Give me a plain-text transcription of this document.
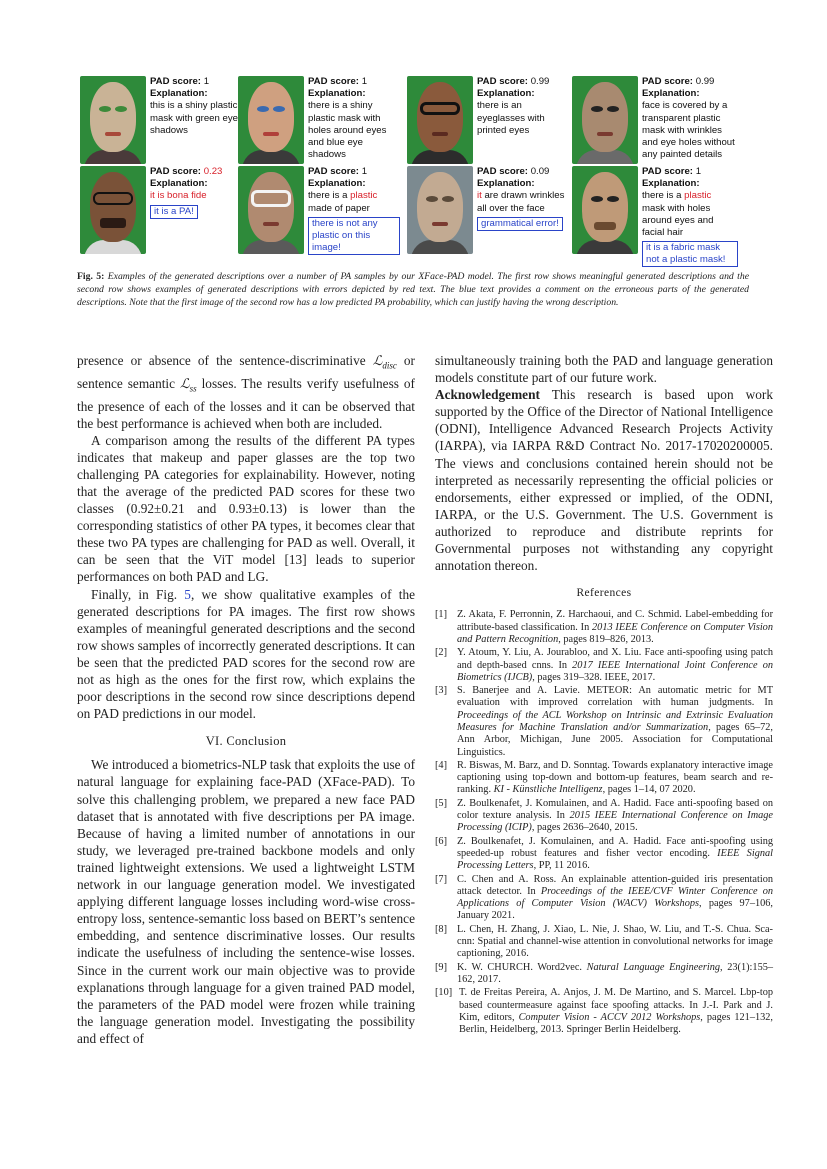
PAD score: 1
Explanation:
this is a shiny plastic mask with green eye shadows
PAD score: 1
Explanation:
there is a shiny plastic mask with holes around eyes and blue eye shadows
PAD score: 0.99
Explanation:
there is an eyeglasses with printed eyes
PAD score: 0.99
Explanation:
face is covered by a transparent plastic mask with wrinkles and eye holes without any painted details
PAD score: 0.23
Explanation:
it is bona fide
it is a PA!
PAD score: 1
Explanation:
there is a plastic made of paper
there is not any plastic on this image!
PAD score: 0.09
Explanation:
it are drawn wrinkles all over the face
grammatical error!
PAD score: 1
Explanation:
there is a plastic mask with holes around eyes and facial hair
it is a fabric mask not a plastic mask!
Fig. 5: Examples of the generated descriptions over a number of PA samples by our XFace-PAD model. The first row shows meaningful generated descriptions and the second row shows examples of generated descriptions with errors depicted by red text. The blue text provides a comment on the erroneous parts of the generated descriptions. Note that the first image of the second row has a low predicted PA probability, which can justify having the wrong description.

presence or absence of the sentence-discriminative ℒ$_{disc}$ or sentence semantic ℒ$_{ss}$ losses. The results verify usefulness of the presence of each of the losses and it can be observed that the best performance is achieved when both are included.

A comparison among the results of the different PA types indicates that makeup and paper glasses are the top two challenging PA categories for explainability. However, noting that the average of the predicted PAD scores for these two classes (0.92±0.21 and 0.93±0.13) is lower than the corresponding statistics of other PA types, it becomes clear that these two PA types are challenging for PAD as well. Overall, it can be seen that the ViT model [13] leads to superior performances on both PAD and LG.

Finally, in Fig. 5, we show qualitative examples of the generated descriptions for PA images. The first row shows examples of meaningful generated descriptions and the second row shows samples of incorrectly generated descriptions. It can be seen that the predicted PAD scores for the second row are not as high as the ones for the first row, which explains the poor descriptions in the second row since descriptions depend on PAD predictions in our model.

VI. Conclusion

We introduced a biometrics-NLP task that exploits the use of natural language for explaining face-PAD (XFace-PAD). To solve this challenging problem, we prepared a new face PAD dataset that is annotated with five descriptions per PA image. Because of having a limited number of annotations in our study, we leveraged pre-trained backbone models and only trained lightweight extensions. We used a lightweight LSTM network in our language generation model. We investigated applying different language losses including word-wise cross-entropy loss, sentence-semantic loss based on BERT’s sentence embedding, and sentence discriminative losses. Our results indicate the usefulness of including the sentence-wise losses. Since in the current work our main objective was to provide explanations through language for a given trained PAD model, the parameters of the PAD model were frozen while training the language generation model. Investigating the possibility and effect of

simultaneously training both the PAD and language generation models constitute part of our future work.

Acknowledgement This research is based upon work supported by the Office of the Director of National Intelligence (ODNI), Intelligence Advanced Research Projects Activity (IARPA), via IARPA R&D Contract No. 2017-17020200005. The views and conclusions contained herein should not be interpreted as necessarily representing the official policies or endorsements, either expressed or implied, of the ODNI, IARPA, or the U.S. Government. The U.S. Government is authorized to reproduce and distribute reprints for Governmental purposes not withstanding any copyright annotation thereon.

References
[1] Z. Akata, F. Perronnin, Z. Harchaoui, and C. Schmid. Label-embedding for attribute-based classification. In 2013 IEEE Conference on Computer Vision and Pattern Recognition, pages 819–826, 2013.
[2] Y. Atoum, Y. Liu, A. Jourabloo, and X. Liu. Face anti-spoofing using patch and depth-based cnns. In 2017 IEEE International Joint Conference on Biometrics (IJCB), pages 319–328. IEEE, 2017.
[3] S. Banerjee and A. Lavie. METEOR: An automatic metric for MT evaluation with improved correlation with human judgments. In Proceedings of the ACL Workshop on Intrinsic and Extrinsic Evaluation Measures for Machine Translation and/or Summarization, pages 65–72, Ann Arbor, Michigan, June 2005. Association for Computational Linguistics.
[4] R. Biswas, M. Barz, and D. Sonntag. Towards explanatory interactive image captioning using top-down and bottom-up features, beam search and re-ranking. KI - Künstliche Intelligenz, pages 1–14, 07 2020.
[5] Z. Boulkenafet, J. Komulainen, and A. Hadid. Face anti-spoofing based on color texture analysis. In 2015 IEEE International Conference on Image Processing (ICIP), pages 2636–2640, 2015.
[6] Z. Boulkenafet, J. Komulainen, and A. Hadid. Face anti-spoofing using speeded-up robust features and fisher vector encoding. IEEE Signal Processing Letters, PP, 11 2016.
[7] C. Chen and A. Ross. An explainable attention-guided iris presentation attack detector. In Proceedings of the IEEE/CVF Winter Conference on Applications of Computer Vision (WACV) Workshops, pages 97–106, January 2021.
[8] L. Chen, H. Zhang, J. Xiao, L. Nie, J. Shao, W. Liu, and T.-S. Chua. Sca-cnn: Spatial and channel-wise attention in convolutional networks for image captioning, 2016.
[9] K. W. CHURCH. Word2vec. Natural Language Engineering, 23(1):155–162, 2017.
[10] T. de Freitas Pereira, A. Anjos, J. M. De Martino, and S. Marcel. Lbp-top based countermeasure against face spoofing attacks. In J.-I. Park and J. Kim, editors, Computer Vision - ACCV 2012 Workshops, pages 121–132, Berlin, Heidelberg, 2013. Springer Berlin Heidelberg.
